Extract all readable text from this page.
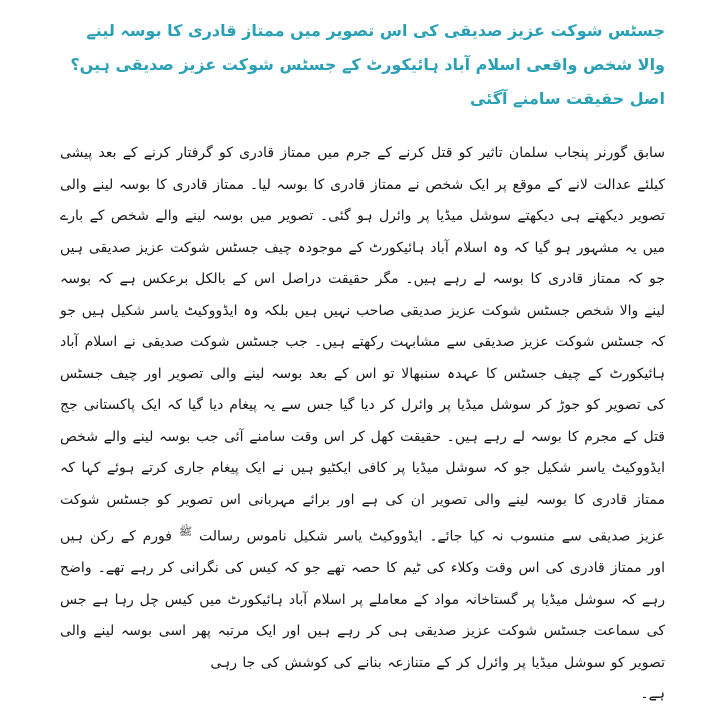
جسٹس شوکت عزیز صدیقی کی اس تصویر میں ممتاز قادری کا بوسہ لینے والا شخص واقعی اسلام آباد ہائیکورٹ کے جسٹس شوکت عزیز صدیقی ہیں؟ اصل حقیقت سامنے آگئی

سابق گورنر پنجاب سلمان تاثیر کو قتل کرنے کے جرم میں ممتاز قادری کو گرفتار کرنے کے بعد پیشی کیلئے عدالت لانے کے موقع پر ایک شخص نے ممتاز قادری کا بوسہ لیا۔ ممتاز قادری کا بوسہ لینے والی تصویر دیکھتے ہی دیکھتے سوشل میڈیا پر وائرل ہو گئی۔ تصویر میں بوسہ لینے والے شخص کے بارے میں یہ مشہور ہو گیا کہ وہ اسلام آباد ہائیکورٹ کے موجودہ چیف جسٹس شوکت عزیز صدیقی ہیں جو کہ ممتاز قادری کا بوسہ لے رہے ہیں۔ مگر حقیقت دراصل اس کے بالکل برعکس ہے کہ بوسہ لینے والا شخص جسٹس شوکت عزیز صدیقی صاحب نہیں ہیں بلکہ وہ ایڈووکیٹ یاسر شکیل ہیں جو کہ جسٹس شوکت عزیز صدیقی سے مشابہت رکھتے ہیں۔ جب جسٹس شوکت صدیقی نے اسلام آباد ہائیکورٹ کے چیف جسٹس کا عہدہ سنبھالا تو اس کے بعد بوسہ لینے والی تصویر اور چیف جسٹس کی تصویر کو جوڑ کر سوشل میڈیا پر وائرل کر دیا گیا جس سے یہ پیغام دیا گیا کہ ایک پاکستانی جج قتل کے مجرم کا بوسہ لے رہے ہیں۔ حقیقت کھل کر اس وقت سامنے آئی جب بوسہ لینے والے شخص ایڈووکیٹ یاسر شکیل جو کہ سوشل میڈیا پر کافی ایکٹیو ہیں نے ایک پیغام جاری کرتے ہوئے کہا کہ ممتاز قادری کا بوسہ لینے والی تصویر ان کی ہے اور برائے مہربانی اس تصویر کو جسٹس شوکت عزیز صدیقی سے منسوب نہ کیا جائے۔ ایڈووکیٹ یاسر شکیل ناموس رسالت $^ﷺ$ فورم کے رکن ہیں اور ممتاز قادری کی اس وقت وکلاء کی ٹیم کا حصہ تھے جو کہ کیس کی نگرانی کر رہے تھے۔ واضح رہے کہ سوشل میڈیا پر گستاخانہ مواد کے معاملے پر اسلام آباد ہائیکورٹ میں کیس چل رہا ہے جس کی سماعت جسٹس شوکت عزیز صدیقی ہی کر رہے ہیں اور ایک مرتبہ پھر اسی بوسہ لینے والی تصویر کو سوشل میڈیا پر وائرل کر کے متنازعہ بنانے کی کوشش کی جا رہی

ہے۔
